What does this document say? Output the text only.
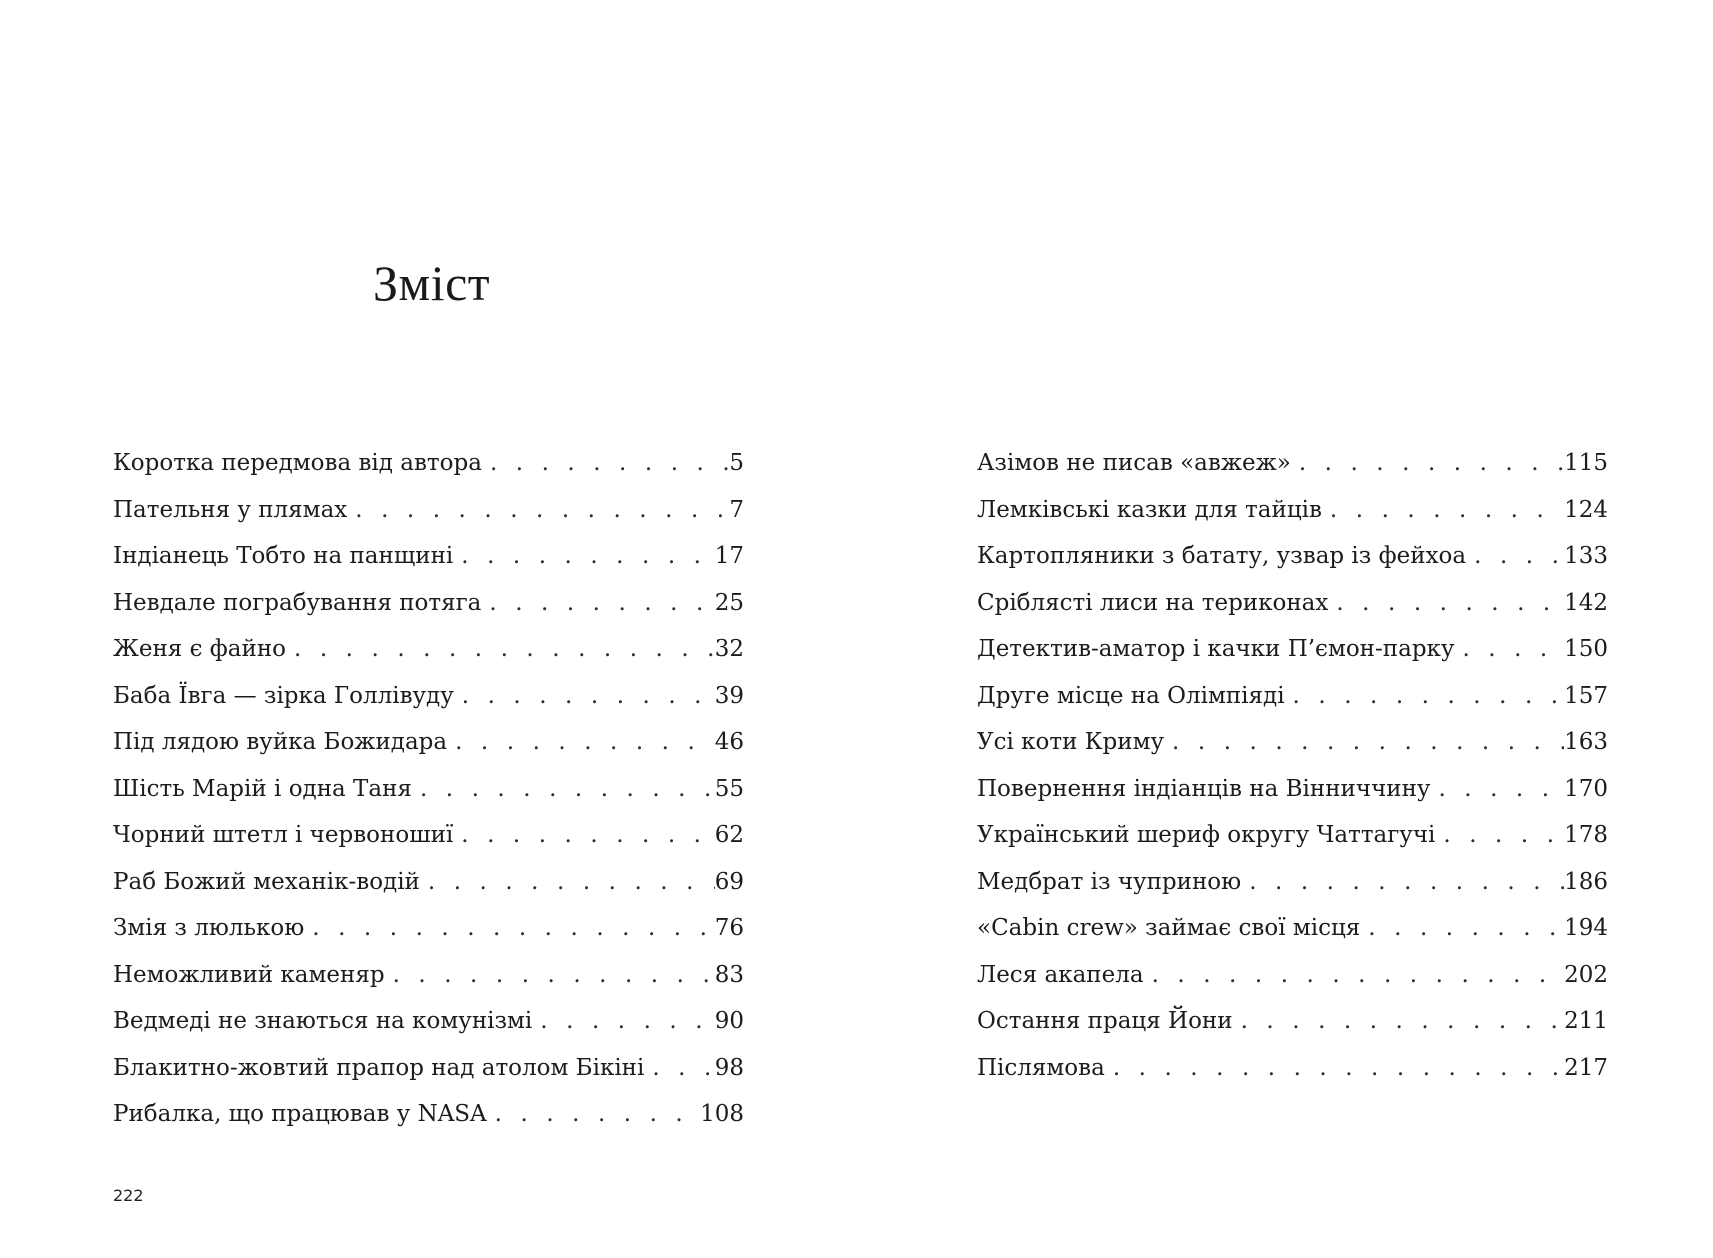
Зміст
Коротка передмова від автора . . .	5
Пательня у плямах . . .	7
Індіанець Тобто на панщині . . .	17
Невдале пограбування потяга . . .	25
Женя є файно . . .	32
Баба Ївга — зірка Голлівуду . . .	39
Під лядою вуйка Божидара . . .	46
Шість Марій і одна Таня . . .	55
Чорний штетл і червоношиї . . .	62
Раб Божий механік-водій . . .	69
Змія з люлькою . . .	76
Неможливий каменяр . . .	83
Ведмеді не знаються на комунізмі . . .	90
Блакитно-жовтий прапор над атолом Бікіні . . .	98
Рибалка, що працював у NASA . . .	108
Азімов не писав «авжеж» . . .	115
Лемківські казки для тайців . . .	124
Картопляники з батату, узвар із фейхоа . . .	133
Сріблясті лиси на териконах . . .	142
Детектив-аматор і качки П’ємон-парку . . .	150
Друге місце на Олімпіяді . . .	157
Усі коти Криму . . .	163
Повернення індіанців на Вінниччину . . .	170
Український шериф округу Чаттагучі . . .	178
Медбрат із чуприною . . .	186
«Cabin crew» займає свої місця . . .	194
Леся акапела . . .	202
Остання праця Йони . . .	211
Післямова . . .	217
222
